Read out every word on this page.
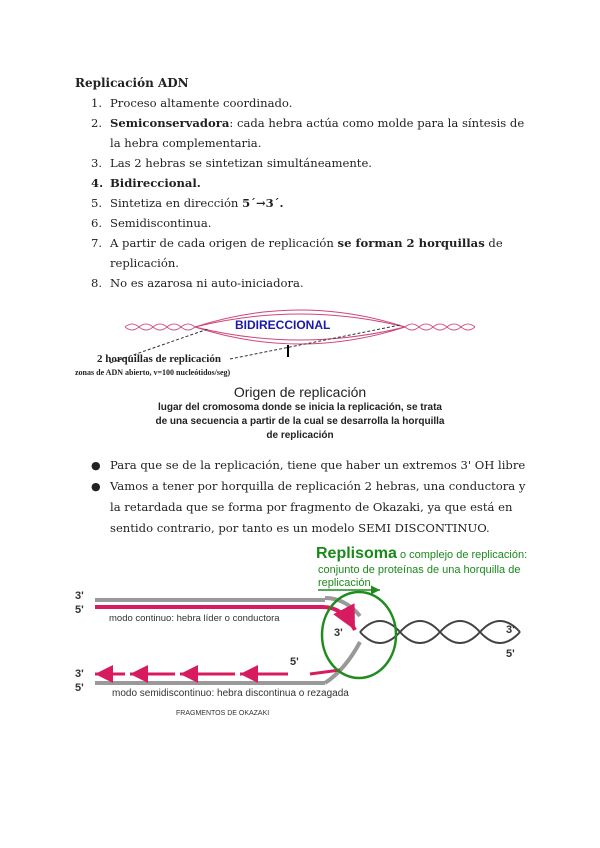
Replicación ADN
1. Proceso altamente coordinado.
2. Semiconservadora: cada hebra actúa como molde para la síntesis de la hebra complementaria.
3. Las 2 hebras se sintetizan simultáneamente.
4. Bidireccional.
5. Sintetiza en dirección 5´→3´.
6. Semidiscontinua.
7. A partir de cada origen de replicación se forman 2 horquillas de replicación.
8. No es azarosa ni auto-iniciadora.
BIDIRECCIONAL
2 horquillas de replicación
zonas de ADN abierto, v=100 nucleótidos/seg)
Origen de replicación
lugar del cromosoma donde se inicia la replicación, se trata
de una secuencia a partir de la cual se desarrolla la horquilla
de replicación
● Para que se de la replicación, tiene que haber un extremos 3' OH libre
● Vamos a tener por horquilla de replicación 2 hebras, una conductora y la retardada que se forma por fragmento de Okazaki, ya que está en sentido contrario, por tanto es un modelo SEMI DISCONTINUO.
Replisoma o complejo de replicación:
conjunto de proteínas de una horquilla de
replicación
3'
5'
3'
5'
3'
5'
3'
5'
modo continuo: hebra líder o conductora
modo semidiscontinuo: hebra discontinua o rezagada
FRAGMENTOS DE OKAZAKI
